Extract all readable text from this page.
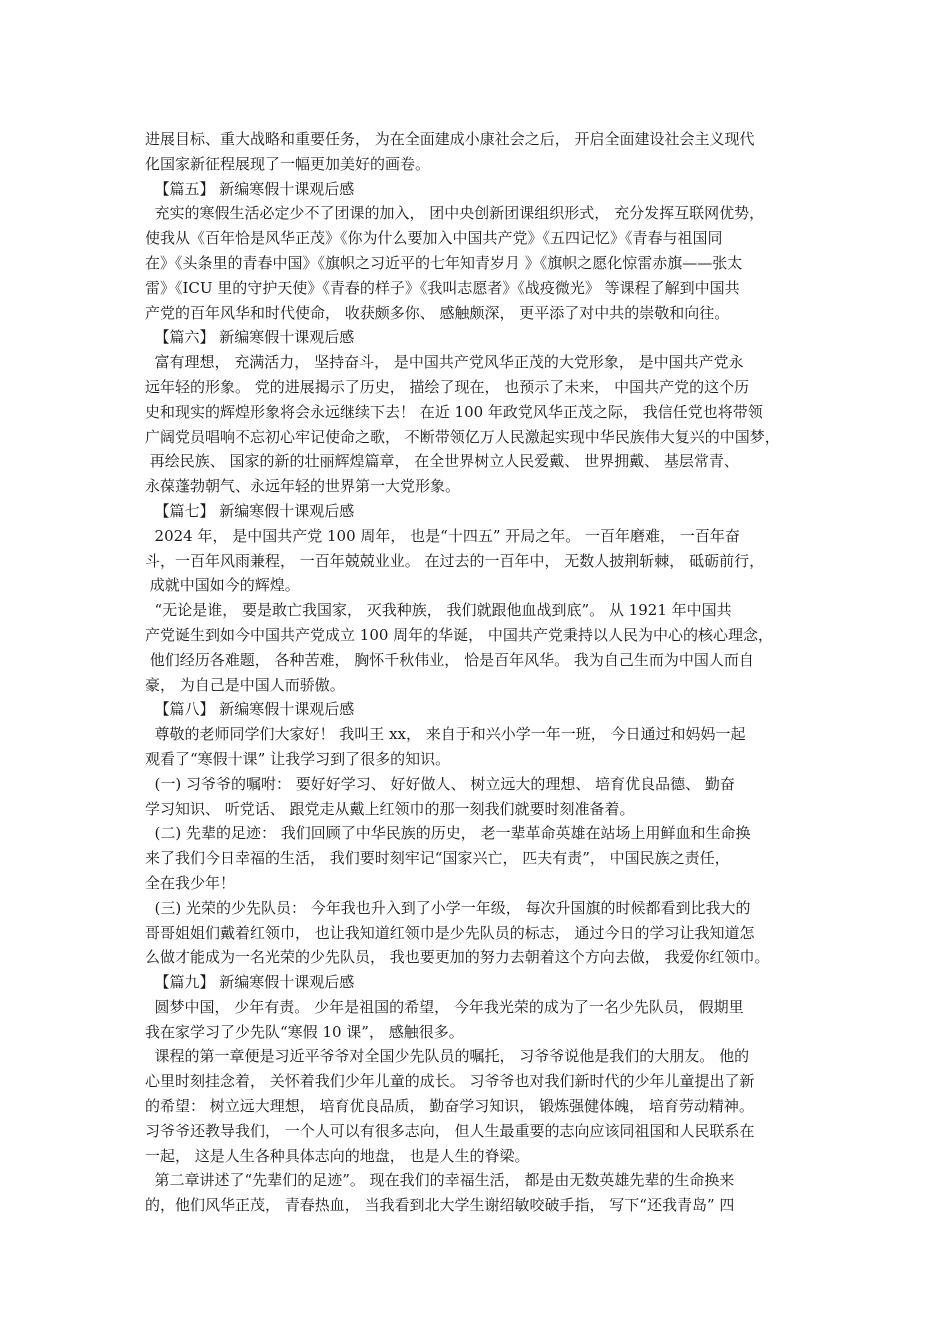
进展目标、重大战略和重要任务， 为在全面建成小康社会之后， 开启全面建设社会主义现代
化国家新征程展现了一幅更加美好的画卷。
【篇五】 新编寒假十课观后感
充实的寒假生活必定少不了团课的加入， 团中央创新团课组织形式， 充分发挥互联网优势，
使我从《百年恰是风华正茂》《你为什么要加入中国共产党》《五四记忆》《青春与祖国同
在》《头条里的青春中国》《旗帜之习近平的七年知青岁月 》《旗帜之愿化惊雷赤旗——张太
雷》《ICU 里的守护天使》《青春的样子》《我叫志愿者》《战疫微光》 等课程了解到中国共
产党的百年风华和时代使命， 收获颇多你、 感触颇深， 更平添了对中共的崇敬和向往。
【篇六】 新编寒假十课观后感
富有理想， 充满活力， 坚持奋斗， 是中国共产党风华正茂的大党形象， 是中国共产党永
远年轻的形象。 党的进展揭示了历史， 描绘了现在， 也预示了未来， 中国共产党的这个历
史和现实的辉煌形象将会永远继续下去！ 在近 100 年政党风华正茂之际， 我信任党也将带领
广阔党员唱响不忘初心牢记使命之歌， 不断带领亿万人民激起实现中华民族伟大复兴的中国梦，
再绘民族、 国家的新的壮丽辉煌篇章， 在全世界树立人民爱戴、 世界拥戴、 基层常青、
永葆蓬勃朝气、永远年轻的世界第一大党形象。
【篇七】 新编寒假十课观后感
2024 年， 是中国共产党 100 周年， 也是“十四五” 开局之年。 一百年磨难， 一百年奋
斗，一百年风雨兼程， 一百年兢兢业业。 在过去的一百年中， 无数人披荆斩棘， 砥砺前行，
成就中国如今的辉煌。
“无论是谁， 要是敢亡我国家， 灭我种族， 我们就跟他血战到底”。 从 1921 年中国共
产党诞生到如今中国共产党成立 100 周年的华诞， 中国共产党秉持以人民为中心的核心理念，
他们经历各难题， 各种苦难， 胸怀千秋伟业， 恰是百年风华。 我为自己生而为中国人而自
豪， 为自己是中国人而骄傲。
【篇八】 新编寒假十课观后感
尊敬的老师同学们大家好！ 我叫王 xx， 来自于和兴小学一年一班， 今日通过和妈妈一起
观看了“寒假十课” 让我学习到了很多的知识。
(一) 习爷爷的嘱咐： 要好好学习、 好好做人、 树立远大的理想、 培育优良品德、 勤奋
学习知识、 听党话、 跟党走从戴上红领巾的那一刻我们就要时刻准备着。
(二) 先辈的足迹： 我们回顾了中华民族的历史， 老一辈革命英雄在站场上用鲜血和生命换
来了我们今日幸福的生活， 我们要时刻牢记“国家兴亡， 匹夫有责”， 中国民族之责任，
全在我少年！
(三) 光荣的少先队员： 今年我也升入到了小学一年级， 每次升国旗的时候都看到比我大的
哥哥姐姐们戴着红领巾， 也让我知道红领巾是少先队员的标志， 通过今日的学习让我知道怎
么做才能成为一名光荣的少先队员， 我也要更加的努力去朝着这个方向去做， 我爱你红领巾。
【篇九】 新编寒假十课观后感
圆梦中国， 少年有责。 少年是祖国的希望， 今年我光荣的成为了一名少先队员， 假期里
我在家学习了少先队“寒假 10 课”， 感触很多。
课程的第一章便是习近平爷爷对全国少先队员的嘱托， 习爷爷说他是我们的大朋友。 他的
心里时刻挂念着， 关怀着我们少年儿童的成长。 习爷爷也对我们新时代的少年儿童提出了新
的希望： 树立远大理想， 培育优良品质， 勤奋学习知识， 锻炼强健体魄， 培育劳动精神。
习爷爷还教导我们， 一个人可以有很多志向， 但人生最重要的志向应该同祖国和人民联系在
一起， 这是人生各种具体志向的地盘， 也是人生的脊梁。
第二章讲述了“先辈们的足迹”。 现在我们的幸福生活， 都是由无数英雄先辈的生命换来
的，他们风华正茂， 青春热血， 当我看到北大学生谢绍敏咬破手指， 写下“还我青岛” 四
